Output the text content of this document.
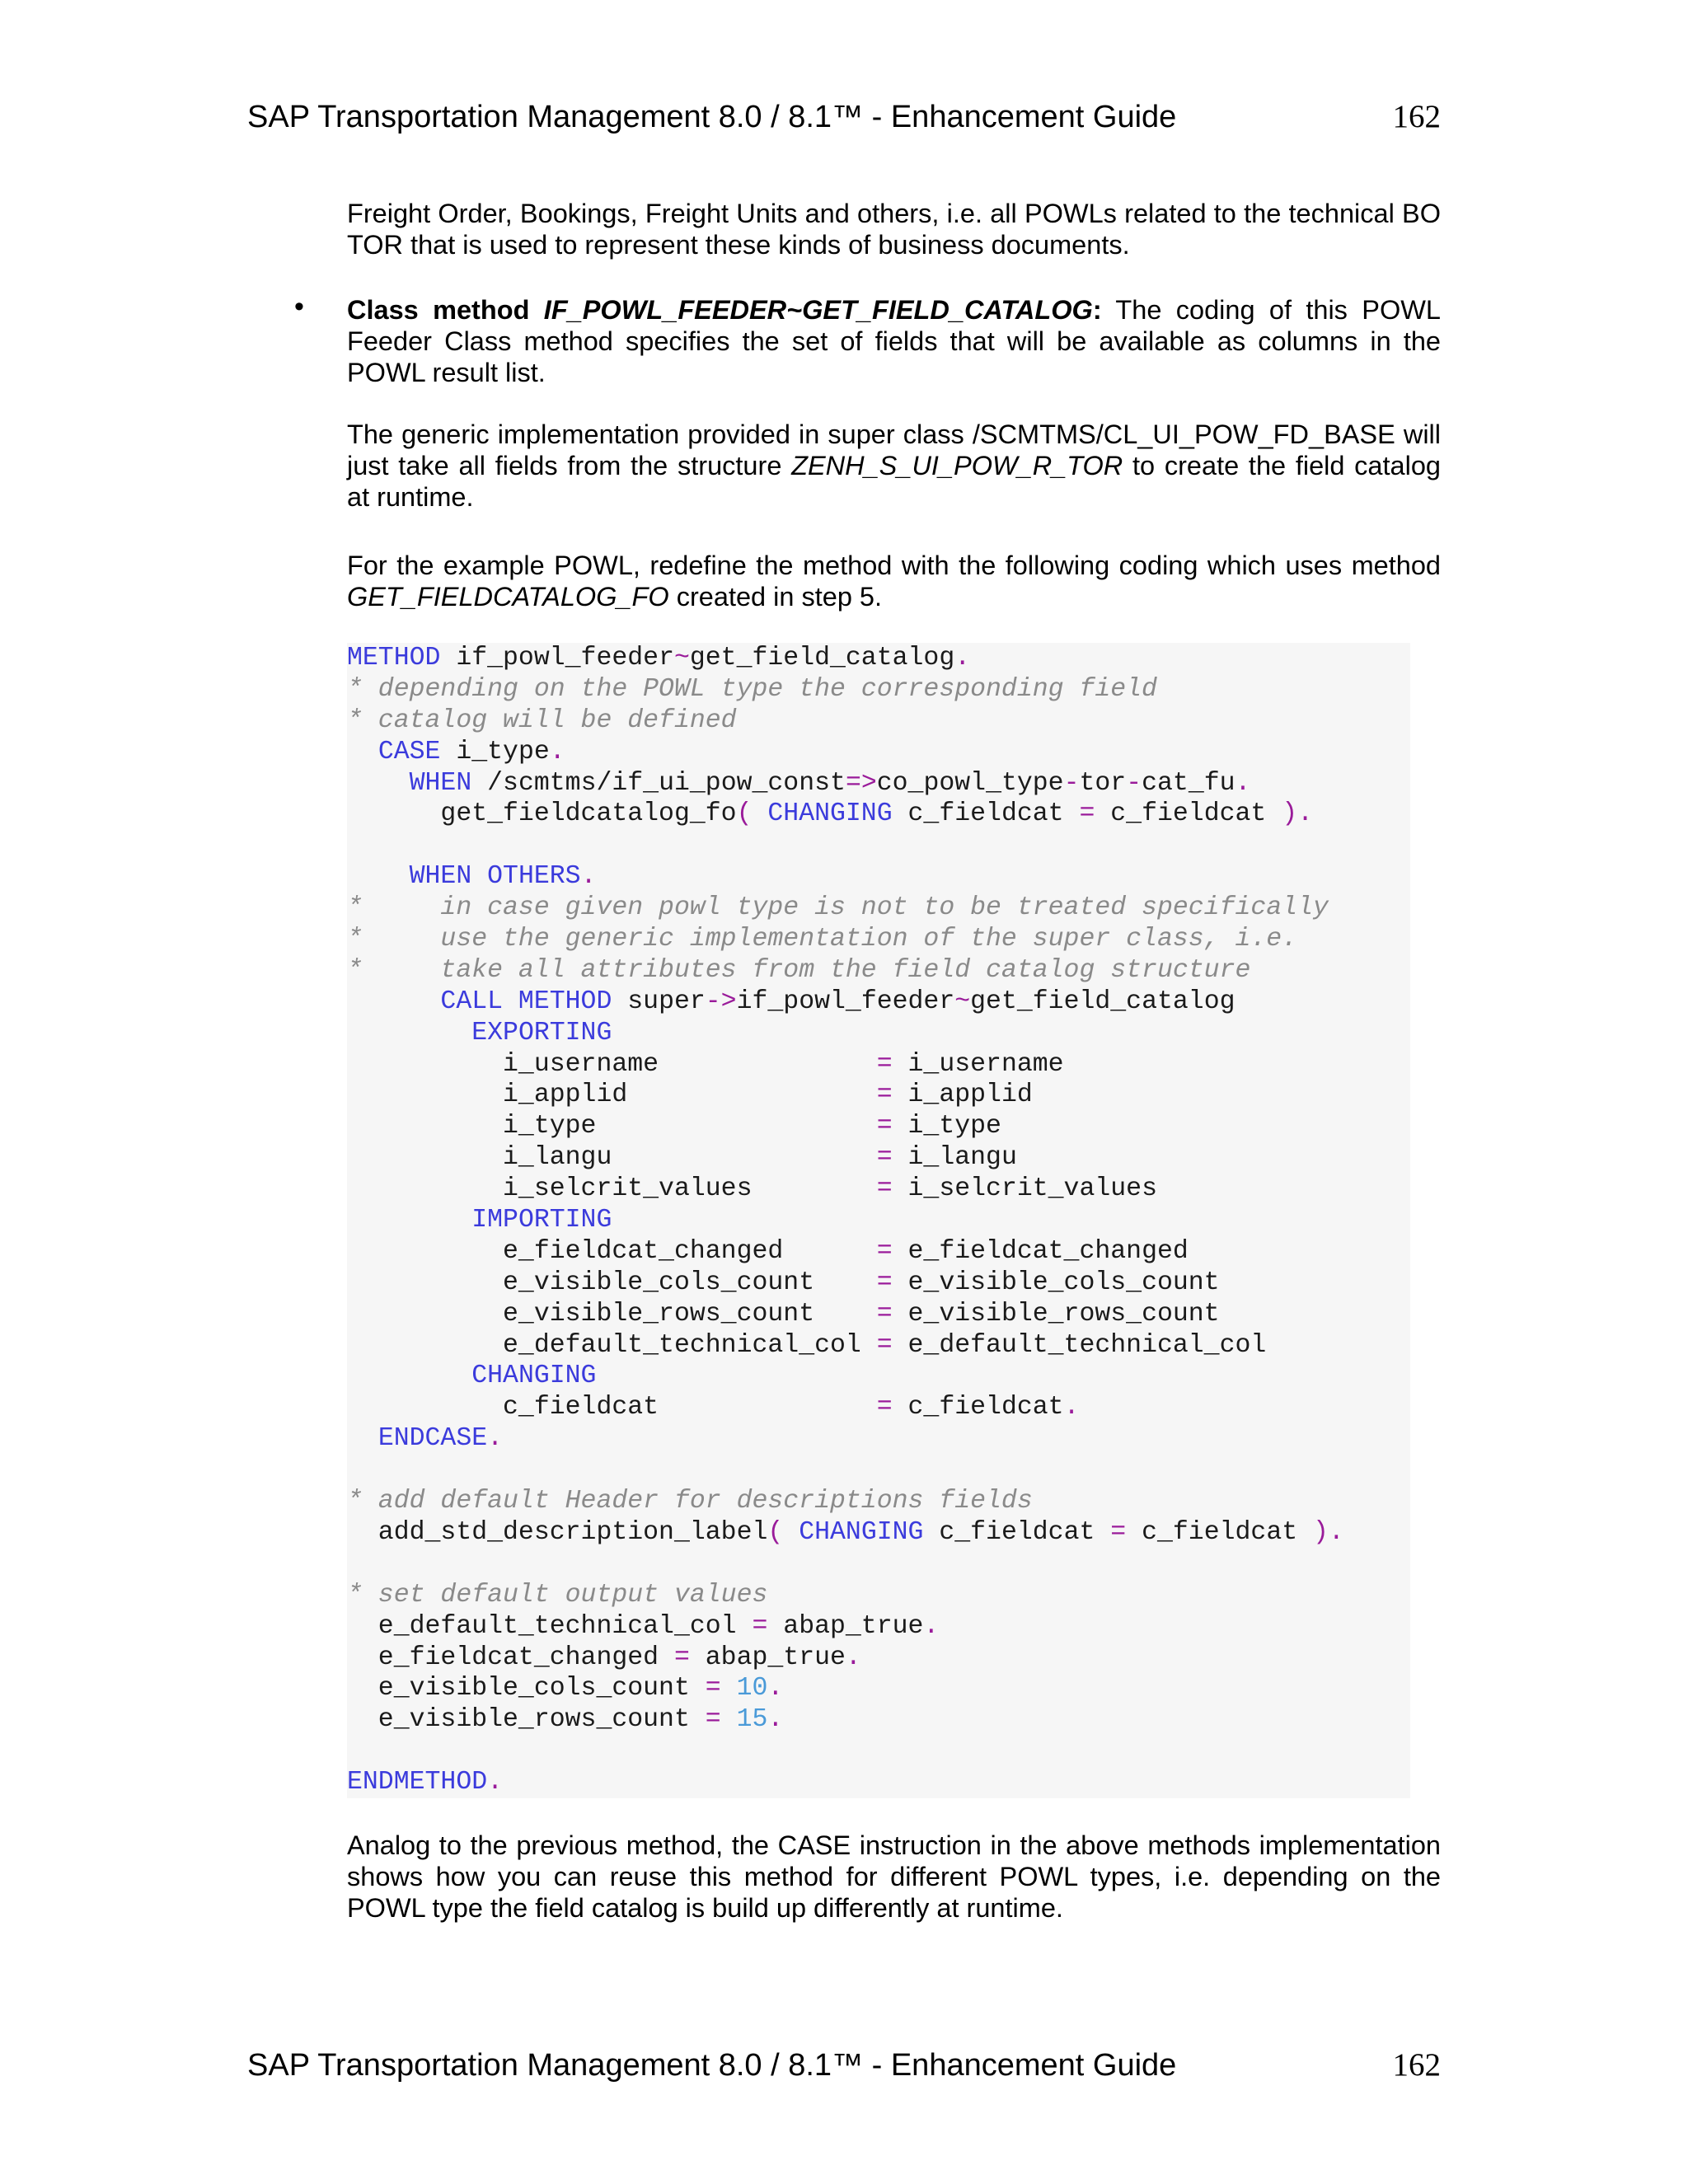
SAP Transportation Management 8.0 / 8.1™ - Enhancement Guide	162

Freight Order, Bookings, Freight Units and others, i.e. all POWLs related to the technical BO TOR that is used to represent these kinds of business documents.

• Class method IF_POWL_FEEDER~GET_FIELD_CATALOG: The coding of this POWL Feeder Class method specifies the set of fields that will be available as columns in the POWL result list.

The generic implementation provided in super class /SCMTMS/CL_UI_POW_FD_BASE will just take all fields from the structure ZENH_S_UI_POW_R_TOR to create the field catalog at runtime.

For the example POWL, redefine the method with the following coding which uses method GET_FIELDCATALOG_FO created in step 5.

METHOD if_powl_feeder~get_field_catalog.
* depending on the POWL type the corresponding field
* catalog will be defined
CASE i_type.
WHEN /scmtms/if_ui_pow_const=>co_powl_type-tor-cat_fu.
get_fieldcatalog_fo( CHANGING c_fieldcat = c_fieldcat ).
WHEN OTHERS.
*     in case given powl type is not to be treated specifically
*     use the generic implementation of the super class, i.e.
*     take all attributes from the field catalog structure
CALL METHOD super->if_powl_feeder~get_field_catalog
EXPORTING
i_username              = i_username
i_applid                = i_applid
i_type                  = i_type
i_langu                 = i_langu
i_selcrit_values        = i_selcrit_values
IMPORTING
e_fieldcat_changed      = e_fieldcat_changed
e_visible_cols_count    = e_visible_cols_count
e_visible_rows_count    = e_visible_rows_count
e_default_technical_col = e_default_technical_col
CHANGING
c_fieldcat              = c_fieldcat.
ENDCASE.
* add default Header for descriptions fields
add_std_description_label( CHANGING c_fieldcat = c_fieldcat ).
* set default output values
e_default_technical_col = abap_true.
e_fieldcat_changed = abap_true.
e_visible_cols_count = 10.
e_visible_rows_count = 15.
ENDMETHOD.

Analog to the previous method, the CASE instruction in the above methods implementation shows how you can reuse this method for different POWL types, i.e. depending on the POWL type the field catalog is build up differently at runtime.

SAP Transportation Management 8.0 / 8.1™ - Enhancement Guide	162
